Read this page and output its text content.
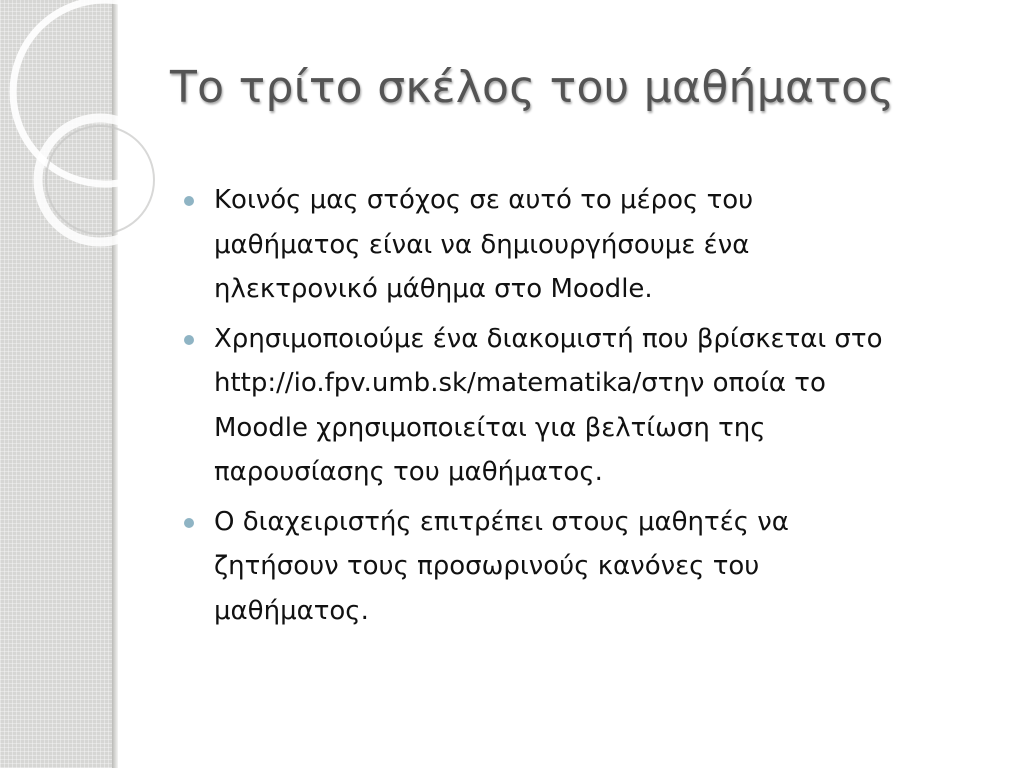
Το τρίτο σκέλος του μαθήματος
Κοινός μας στόχος σε αυτό το μέρος του μαθήματος είναι να δημιουργήσουμε ένα ηλεκτρονικό μάθημα στο Moodle.
Χρησιμοποιούμε ένα διακομιστή που βρίσκεται στο http://io.fpv.umb.sk/matematika/στην οποία το Moodle χρησιμοποιείται για βελτίωση της παρουσίασης του μαθήματος.
Ο διαχειριστής επιτρέπει στους μαθητές να ζητήσουν τους προσωρινούς κανόνες του μαθήματος.
